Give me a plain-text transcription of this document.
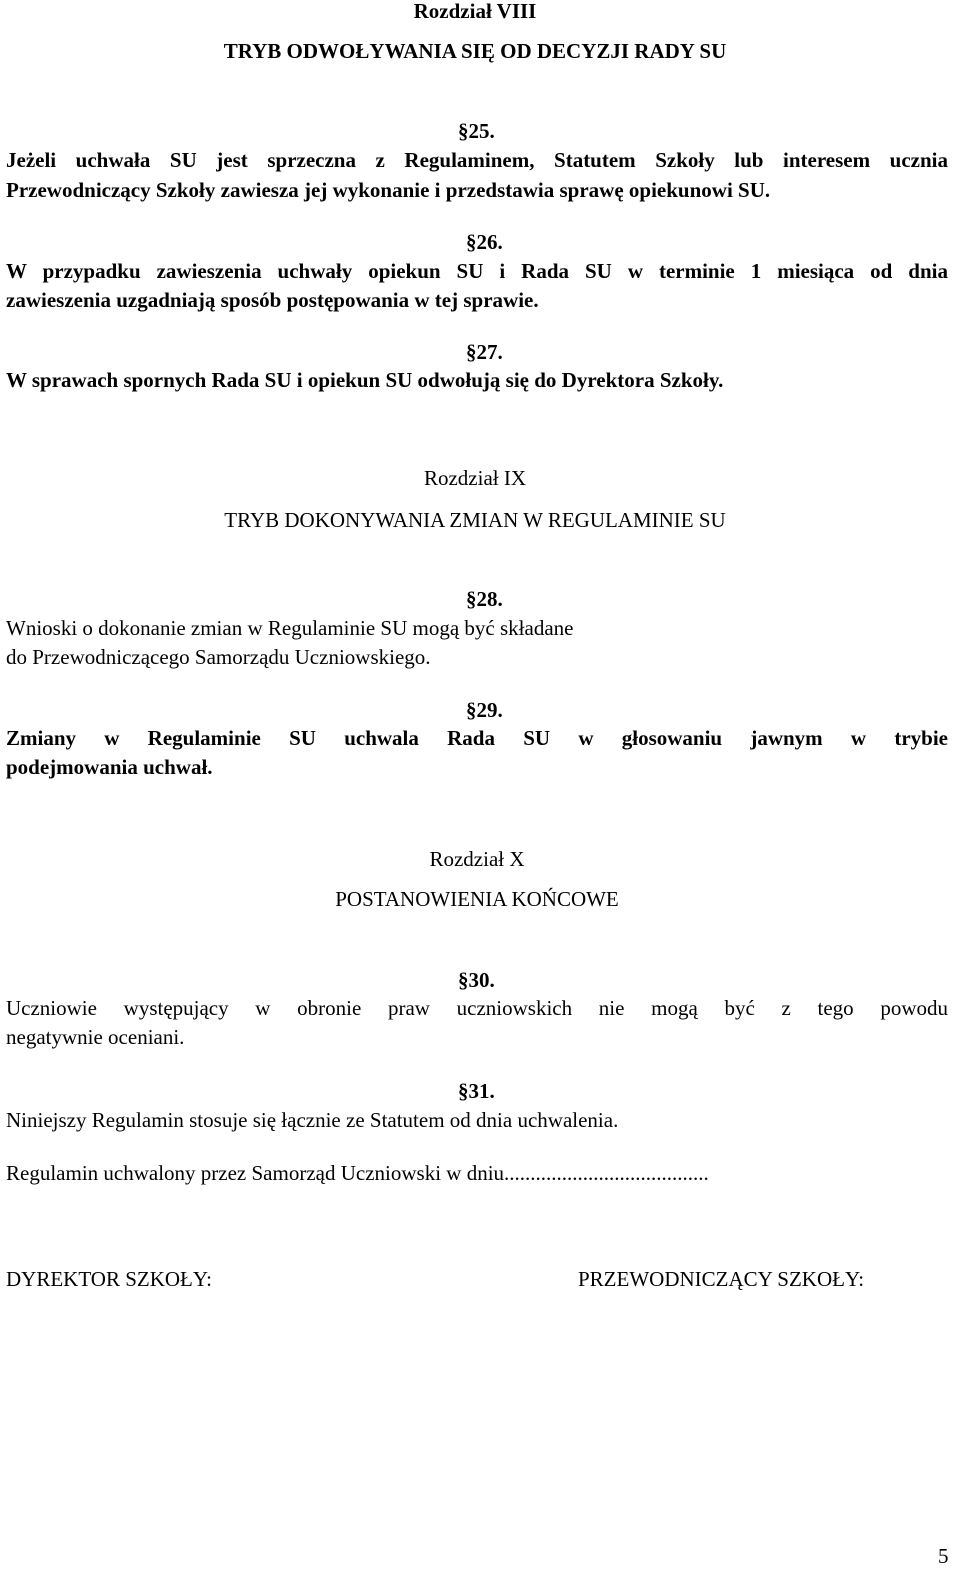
Rozdział VIII
TRYB ODWOŁYWANIA SIĘ OD DECYZJI RADY SU
§25.
Jeżeli uchwała SU jest sprzeczna z Regulaminem, Statutem Szkoły lub interesem ucznia
Przewodniczący Szkoły zawiesza jej wykonanie i przedstawia sprawę opiekunowi SU.
§26.
W przypadku zawieszenia uchwały opiekun SU i Rada SU w terminie 1 miesiąca od dnia
zawieszenia uzgadniają sposób postępowania w tej sprawie.
§27.
W sprawach spornych Rada SU i opiekun SU odwołują się do Dyrektora Szkoły.
Rozdział IX
TRYB DOKONYWANIA ZMIAN W REGULAMINIE SU
§28.
Wnioski o dokonanie zmian w Regulaminie SU mogą być składane
do Przewodniczącego Samorządu Uczniowskiego.
§29.
Zmiany w Regulaminie SU uchwala Rada SU w głosowaniu jawnym w trybie
podejmowania uchwał.
Rozdział X
POSTANOWIENIA KOŃCOWE
§30.
Uczniowie występujący w obronie praw uczniowskich nie mogą być z tego powodu
negatywnie oceniani.
§31.
Niniejszy Regulamin stosuje się łącznie ze Statutem od dnia uchwalenia.
Regulamin uchwalony przez Samorząd Uczniowski w dniu.......................................
DYREKTOR SZKOŁY:	PRZEWODNICZĄCY SZKOŁY:
5
